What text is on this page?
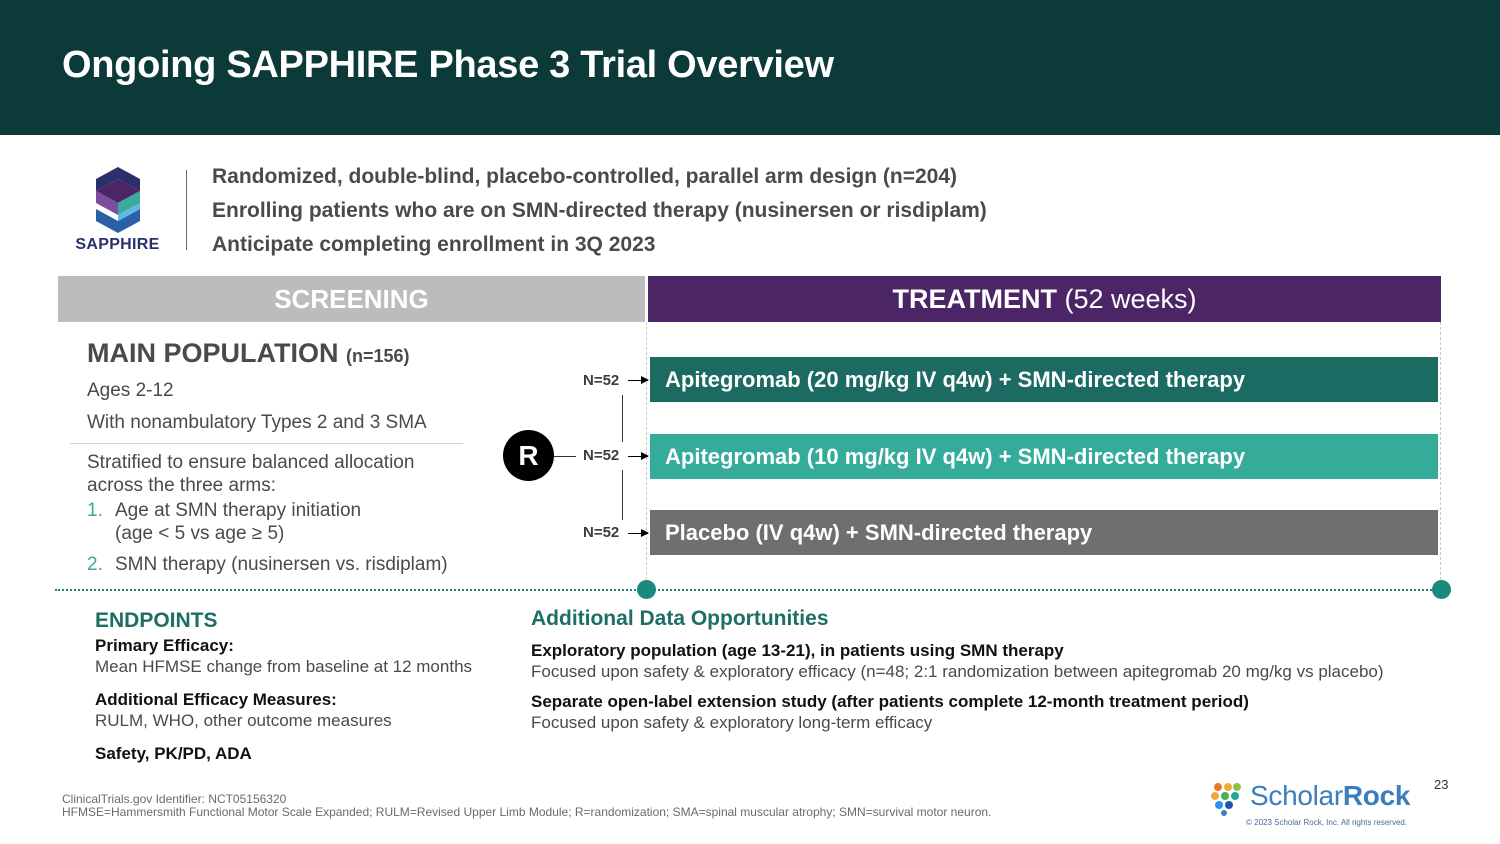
Ongoing SAPPHIRE Phase 3 Trial Overview
SAPPHIRE
Randomized, double-blind, placebo-controlled, parallel arm design (n=204)
Enrolling patients who are on SMN-directed therapy (nusinersen or risdiplam)
Anticipate completing enrollment in 3Q 2023
SCREENING	TREATMENT (52 weeks)
MAIN POPULATION (n=156)
Ages 2-12
With nonambulatory Types 2 and 3 SMA
Stratified to ensure balanced allocation
across the three arms:
1. Age at SMN therapy initiation
(age < 5 vs age ≥ 5)
2. SMN therapy (nusinersen vs. risdiplam)
R
N=52
N=52
N=52
Apitegromab (20 mg/kg IV q4w) + SMN-directed therapy
Apitegromab (10 mg/kg IV q4w) + SMN-directed therapy
Placebo (IV q4w) + SMN-directed therapy
ENDPOINTS
Primary Efficacy:
Mean HFMSE change from baseline at 12 months
Additional Efficacy Measures:
RULM, WHO, other outcome measures
Safety, PK/PD, ADA
Additional Data Opportunities
Exploratory population (age 13-21), in patients using SMN therapy
Focused upon safety & exploratory efficacy (n=48; 2:1 randomization between apitegromab 20 mg/kg vs placebo)
Separate open-label extension study (after patients complete 12-month treatment period)
Focused upon safety & exploratory long-term efficacy
ClinicalTrials.gov Identifier: NCT05156320
HFMSE=Hammersmith Functional Motor Scale Expanded; RULM=Revised Upper Limb Module; R=randomization; SMA=spinal muscular atrophy; SMN=survival motor neuron.
23
ScholarRock
© 2023 Scholar Rock, Inc. All rights reserved.
